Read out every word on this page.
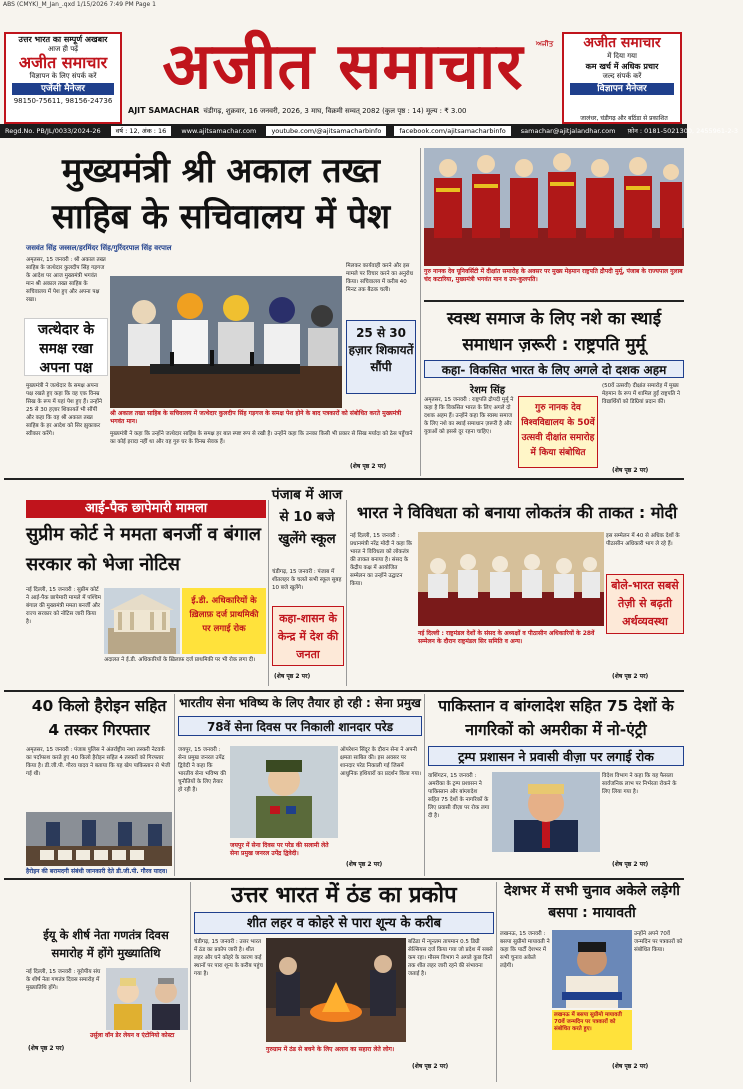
ABS (CMYK)_M_Jan_.qxd 1/15/2026 7:49 PM Page 1
उत्तर भारत का सम्पूर्ण अखबार
आज ही पढ़ें
अजीत समाचार
विज्ञापन के लिए संपर्क करें
एजेंसी मैनेजर
98150-75611, 98156-24736 अजीत समाचार	ਅਜੀਤ
AJIT SAMACHAR चंडीगढ़, शुक्रवार, 16 जनवरी, 2026, 3 माघ, विक्रमी सम्वत् 2082 (कुल पृष्ठ : 14) मूल्य : ₹ 3.00
अजीत समाचार
में दिया गया
कम खर्च में अधिक प्रचार
जल्द संपर्क करें
विज्ञापन मैनेजर
जालंधर, चंडीगढ़ और बठिंडा से प्रकाशित
Regd.No. PB/JL/0033/2024-26 वर्ष : 12, अंक : 16 www.ajitsamachar.com youtube.com/@ajitsamacharbinfo	facebook.com/ajitsamacharbinfo samachar@ajitjalandhar.com फ़ोन : 0181-5021300, 2455961-2-3
मुख्यमंत्री श्री अकाल तख्त साहिब के सचिवालय में पेश
जसवंत सिंह जस्सल/हरमिंदर सिंह/गुरिंदरपाल सिंह वरपाल
अमृतसर, 15 जनवरी : श्री अकाल तख्त साहिब के जत्थेदार कुलदीप सिंह गड़गज के आदेश पर आज मुख्यमंत्री भगवंत मान श्री अकाल तख्त साहिब के सचिवालय में पेश हुए और अपना पक्ष रखा।
जत्थेदार के समक्ष रखा अपना पक्ष
मुख्यमंत्री ने जत्थेदार के समक्ष अपना पक्ष रखते हुए कहा कि वह एक विनम्र सिख के रूप में यहां पेश हुए हैं। उन्होंने 25 से 30 हज़ार शिकायतें भी सौंपीं और कहा कि वह श्री अकाल तख्त साहिब के हर आदेश को सिर झुकाकर स्वीकार करेंगे।
25 से 30 हज़ार शिकायतें सौंपी
मिलकर कार्यवाही करने और इस मामले पर विचार करने का अनुरोध किया। सचिवालय में करीब 40 मिनट तक बैठक चली।
श्री अकाल तख्त साहिब के सचिवालय में जत्थेदार कुलदीप सिंह गड़गज के समक्ष पेश होने के बाद पत्रकारों को संबोधित करते मुख्यमंत्री भगवंत मान।
मुख्यमंत्री ने कहा कि उन्होंने जत्थेदार साहिब के समक्ष हर बात स्पष्ट रूप से रखी है। उन्होंने कहा कि उनका किसी भी प्रकार से सिख मर्यादा को ठेस पहुँचाने का कोई इरादा नहीं था और वह गुरु घर के विनम्र सेवक हैं।
(शेष पृष्ठ 2 पर)
गुरु नानक देव यूनिवर्सिटी में दीक्षांत समारोह के अवसर पर मुख्य मेहमान राष्ट्रपति द्रौपदी मुर्मू, पंजाब के राज्यपाल गुलाब चंद कटारिया, मुख्यमंत्री भगवंत मान व उप-कुलपति।
स्वस्थ समाज के लिए नशे का स्थाई समाधान ज़रूरी : राष्ट्रपति मुर्मू
कहा- विकसित भारत के लिए अगले दो दशक अहम
रेशम सिंह
अमृतसर, 15 जनवरी : राष्ट्रपति द्रौपदी मुर्मू ने कहा है कि विकसित भारत के लिए अगले दो दशक अहम हैं। उन्होंने कहा कि स्वस्थ समाज के लिए नशे का स्थाई समाधान ज़रूरी है और युवाओं को इससे दूर रहना चाहिए।
गुरु नानक देव विश्वविद्यालय के 50वें उत्सवी दीक्षांत समारोह में किया संबोधित
(50वें उत्सवी) दीक्षांत समारोह में मुख्य मेहमान के रूप में शामिल हुईं राष्ट्रपति ने विद्यार्थियों को डिग्रियां प्रदान कीं।
(शेष पृष्ठ 2 पर)
आई-पैक छापेमारी मामला
सुप्रीम कोर्ट ने ममता बनर्जी व बंगाल सरकार को भेजा नोटिस
नई दिल्ली, 15 जनवरी : सुप्रीम कोर्ट ने आई-पैक छापेमारी मामले में पश्चिम बंगाल की मुख्यमंत्री ममता बनर्जी और राज्य सरकार को नोटिस जारी किया है।
ई.डी. अधिकारियों के ख़िलाफ़ दर्ज प्राथमिकी पर लगाई रोक
अदालत ने ई.डी. अधिकारियों के ख़िलाफ़ दर्ज प्राथमिकी पर भी रोक लगा दी।
पंजाब में आज से 10 बजे खुलेंगे स्कूल
चंडीगढ़, 15 जनवरी : पंजाब में शीतलहर के चलते सभी स्कूल सुबह 10 बजे खुलेंगे।
कहा-शासन के केन्द्र में देश की जनता
(शेष पृष्ठ 2 पर)
भारत ने विविधता को बनाया लोकतंत्र की ताकत : मोदी
नई दिल्ली, 15 जनवरी : प्रधानमंत्री नरेंद्र मोदी ने कहा कि भारत ने विविधता को लोकतंत्र की ताकत बनाया है। संसद के केंद्रीय कक्ष में आयोजित सम्मेलन का उन्होंने उद्घाटन किया।	बोले-भारत सबसे तेज़ी से बढ़ती अर्थव्यवस्था
इस सम्मेलन में 40 से अधिक देशों के पीठासीन अधिकारी भाग ले रहे हैं।
नई दिल्ली : राष्ट्रमंडल देशों के संसद के अध्यक्षों व पीठासीन अधिकारियों के 28वें सम्मेलन के दौरान राष्ट्रमंडल सिर समिति व अन्य।
(शेष पृष्ठ 2 पर)
40 किलो हैरोइन सहित 4 तस्कर गिरफ्तार
अमृतसर, 15 जनवरी : पंजाब पुलिस ने अंतर्राष्ट्रीय नशा तस्करी नेटवर्क का पर्दाफाश करते हुए 40 किलो हैरोइन सहित 4 तस्करों को गिरफ्तार किया है। डी.जी.पी. गौरव यादव ने बताया कि यह खेप पाकिस्तान से भेजी गई थी।
हैरोइन की बरामदगी संबंधी जानकारी देते डी.जी.पी. गौरव यादव।
भारतीय सेना भविष्य के लिए तैयार हो रही : सेना प्रमुख
78वें सेना दिवस पर निकाली शानदार परेड
जयपुर, 15 जनवरी : सेना प्रमुख जनरल उपेंद्र द्विवेदी ने कहा कि भारतीय सेना भविष्य की चुनौतियों के लिए तैयार हो रही है।
ऑपरेशन सिंदूर के दौरान सेना ने अपनी क्षमता साबित की। इस अवसर पर शानदार परेड निकाली गई जिसमें आधुनिक हथियारों का प्रदर्शन किया गया।
जयपुर में सेना दिवस पर परेड की सलामी लेते सेना प्रमुख जनरल उपेंद्र द्विवेदी।
(शेष पृष्ठ 2 पर)
पाकिस्तान व बांग्लादेश सहित 75 देशों के नागरिकों को अमरीका में नो-एंट्री
ट्रम्प प्रशासन ने प्रवासी वीज़ा पर लगाई रोक
वाशिंगटन, 15 जनवरी : अमरीका के ट्रम्प प्रशासन ने पाकिस्तान और बांग्लादेश सहित 75 देशों के नागरिकों के लिए प्रवासी वीज़ा पर रोक लगा दी है।
विदेश विभाग ने कहा कि यह फैसला सार्वजनिक लाभ पर निर्भरता रोकने के लिए लिया गया है।
(शेष पृष्ठ 2 पर)
ईयू के शीर्ष नेता गणतंत्र दिवस समारोह में होंगे मुख्यातिथि
नई दिल्ली, 15 जनवरी : यूरोपीय संघ के शीर्ष नेता गणतंत्र दिवस समारोह में मुख्यातिथि होंगे।
उर्सुला वॉन डेर लेयन व एंटोनियो कोस्टा
(शेष पृष्ठ 2 पर)
उत्तर भारत में ठंड का प्रकोप
शीत लहर व कोहरे से पारा शून्य के करीब
चंडीगढ़, 15 जनवरी : उत्तर भारत में ठंड का प्रकोप जारी है। शीत लहर और घने कोहरे के कारण कई स्थानों पर पारा शून्य के करीब पहुंच गया है।
बठिंडा में न्यूनतम तापमान 0.5 डिग्री सेल्सियस दर्ज किया गया जो प्रदेश में सबसे कम रहा। मौसम विभाग ने अगले कुछ दिनों तक शीत लहर जारी रहने की संभावना जताई है।
गुरुग्राम में ठंड से बचने के लिए अलाव का सहारा लेते लोग।
(शेष पृष्ठ 2 पर)
देशभर में सभी चुनाव अकेले लड़ेगी बसपा : मायावती
लखनऊ, 15 जनवरी : बसपा सुप्रीमो मायावती ने कहा कि पार्टी देशभर में सभी चुनाव अकेले लड़ेगी।
उन्होंने अपने 70वें जन्मदिन पर पत्रकारों को संबोधित किया।
लखनऊ में बसपा सुप्रीमो मायावती 70वें जन्मदिन पर पत्रकारों को संबोधित करते हुए।
(शेष पृष्ठ 2 पर)
